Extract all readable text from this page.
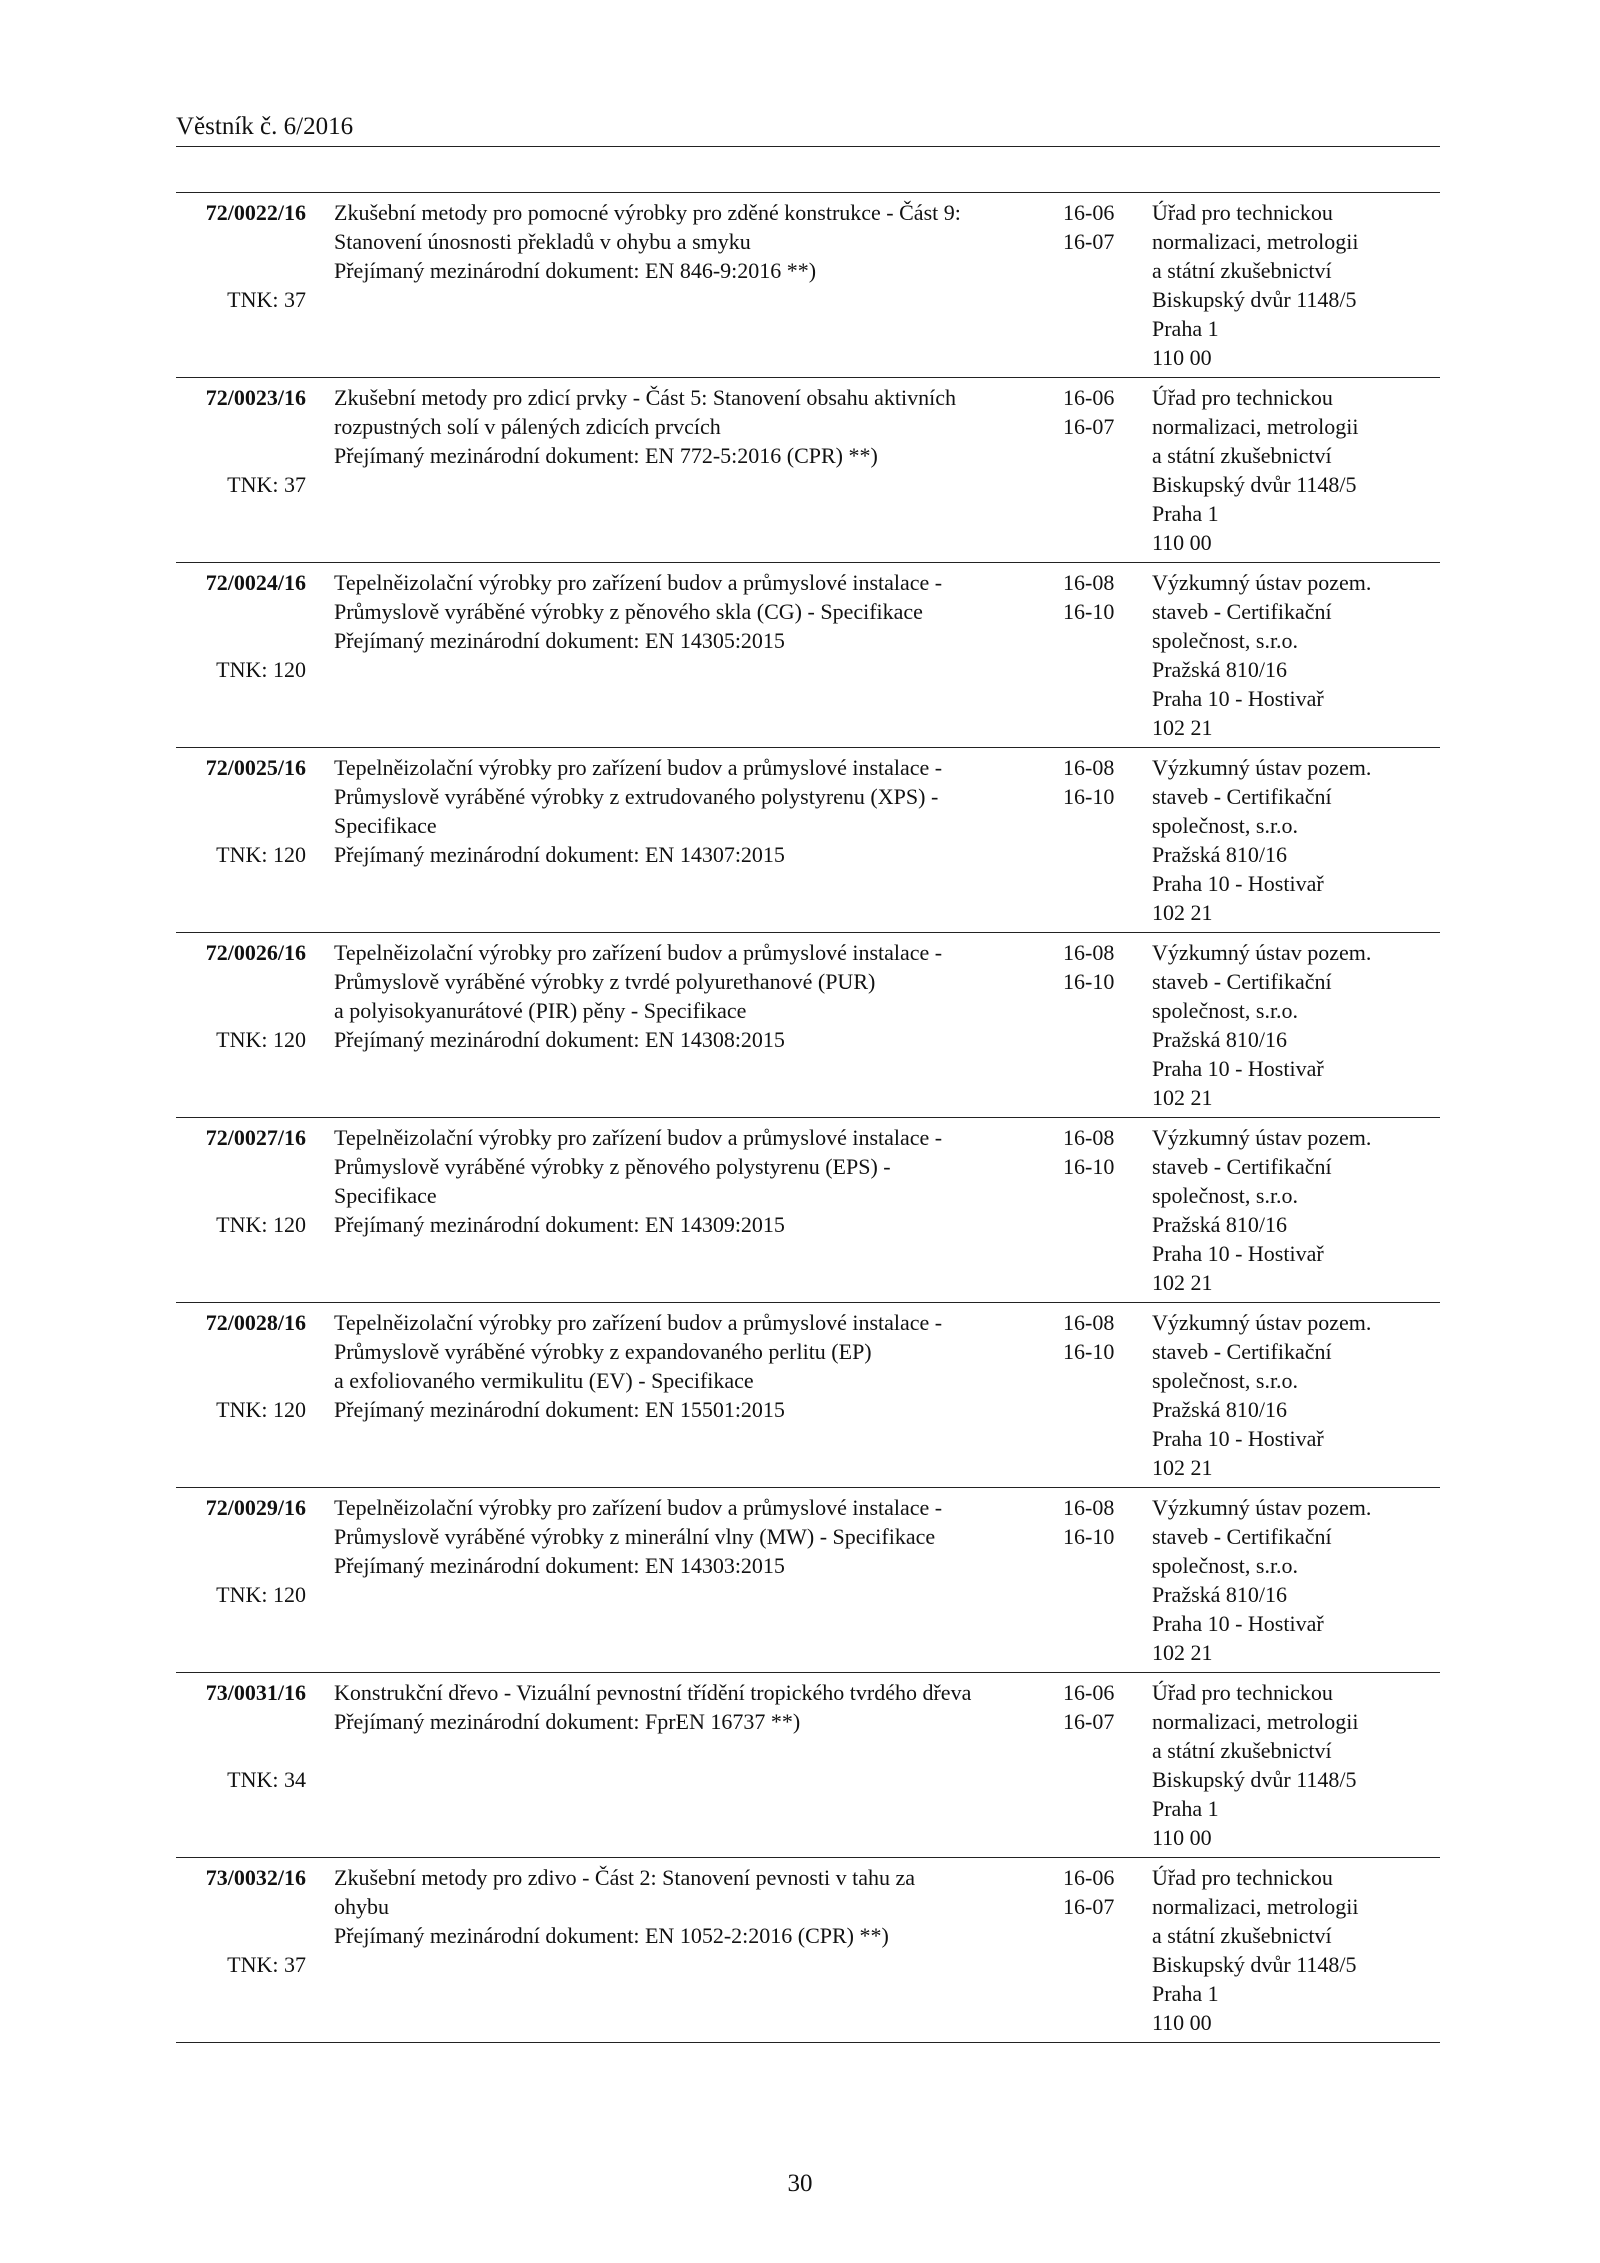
Věstník č. 6/2016
72/0022/16
TNK: 37
Zkušební metody pro pomocné výrobky pro zděné konstrukce - Část 9:
Stanovení únosnosti překladů v ohybu a smyku
Přejímaný mezinárodní dokument: EN 846-9:2016 **)
16-06
16-07
Úřad pro technickou
normalizaci, metrologii
a státní zkušebnictví
Biskupský dvůr 1148/5
Praha 1
110 00
72/0023/16
TNK: 37
Zkušební metody pro zdicí prvky - Část 5: Stanovení obsahu aktivních
rozpustných solí v pálených zdicích prvcích
Přejímaný mezinárodní dokument: EN 772-5:2016 (CPR) **)
16-06
16-07
Úřad pro technickou
normalizaci, metrologii
a státní zkušebnictví
Biskupský dvůr 1148/5
Praha 1
110 00
72/0024/16
TNK: 120
Tepelněizolační výrobky pro zařízení budov a průmyslové instalace -
Průmyslově vyráběné výrobky z pěnového skla (CG) - Specifikace
Přejímaný mezinárodní dokument: EN 14305:2015
16-08
16-10
Výzkumný ústav pozem.
staveb - Certifikační
společnost, s.r.o.
Pražská 810/16
Praha 10 - Hostivař
102 21
72/0025/16
TNK: 120
Tepelněizolační výrobky pro zařízení budov a průmyslové instalace -
Průmyslově vyráběné výrobky z extrudovaného polystyrenu (XPS) -
Specifikace
Přejímaný mezinárodní dokument: EN 14307:2015
16-08
16-10
Výzkumný ústav pozem.
staveb - Certifikační
společnost, s.r.o.
Pražská 810/16
Praha 10 - Hostivař
102 21
72/0026/16
TNK: 120
Tepelněizolační výrobky pro zařízení budov a průmyslové instalace -
Průmyslově vyráběné výrobky z tvrdé polyurethanové (PUR)
a polyisokyanurátové (PIR) pěny - Specifikace
Přejímaný mezinárodní dokument: EN 14308:2015
16-08
16-10
Výzkumný ústav pozem.
staveb - Certifikační
společnost, s.r.o.
Pražská 810/16
Praha 10 - Hostivař
102 21
72/0027/16
TNK: 120
Tepelněizolační výrobky pro zařízení budov a průmyslové instalace -
Průmyslově vyráběné výrobky z pěnového polystyrenu (EPS) -
Specifikace
Přejímaný mezinárodní dokument: EN 14309:2015
16-08
16-10
Výzkumný ústav pozem.
staveb - Certifikační
společnost, s.r.o.
Pražská 810/16
Praha 10 - Hostivař
102 21
72/0028/16
TNK: 120
Tepelněizolační výrobky pro zařízení budov a průmyslové instalace -
Průmyslově vyráběné výrobky z expandovaného perlitu (EP)
a exfoliovaného vermikulitu (EV) - Specifikace
Přejímaný mezinárodní dokument: EN 15501:2015
16-08
16-10
Výzkumný ústav pozem.
staveb - Certifikační
společnost, s.r.o.
Pražská 810/16
Praha 10 - Hostivař
102 21
72/0029/16
TNK: 120
Tepelněizolační výrobky pro zařízení budov a průmyslové instalace -
Průmyslově vyráběné výrobky z minerální vlny (MW) - Specifikace
Přejímaný mezinárodní dokument: EN 14303:2015
16-08
16-10
Výzkumný ústav pozem.
staveb - Certifikační
společnost, s.r.o.
Pražská 810/16
Praha 10 - Hostivař
102 21
73/0031/16
TNK: 34
Konstrukční dřevo - Vizuální pevnostní třídění tropického tvrdého dřeva
Přejímaný mezinárodní dokument: FprEN 16737 **)
16-06
16-07
Úřad pro technickou
normalizaci, metrologii
a státní zkušebnictví
Biskupský dvůr 1148/5
Praha 1
110 00
73/0032/16
TNK: 37
Zkušební metody pro zdivo - Část 2: Stanovení pevnosti v tahu za
ohybu
Přejímaný mezinárodní dokument: EN 1052-2:2016 (CPR) **)
16-06
16-07
Úřad pro technickou
normalizaci, metrologii
a státní zkušebnictví
Biskupský dvůr 1148/5
Praha 1
110 00
30
